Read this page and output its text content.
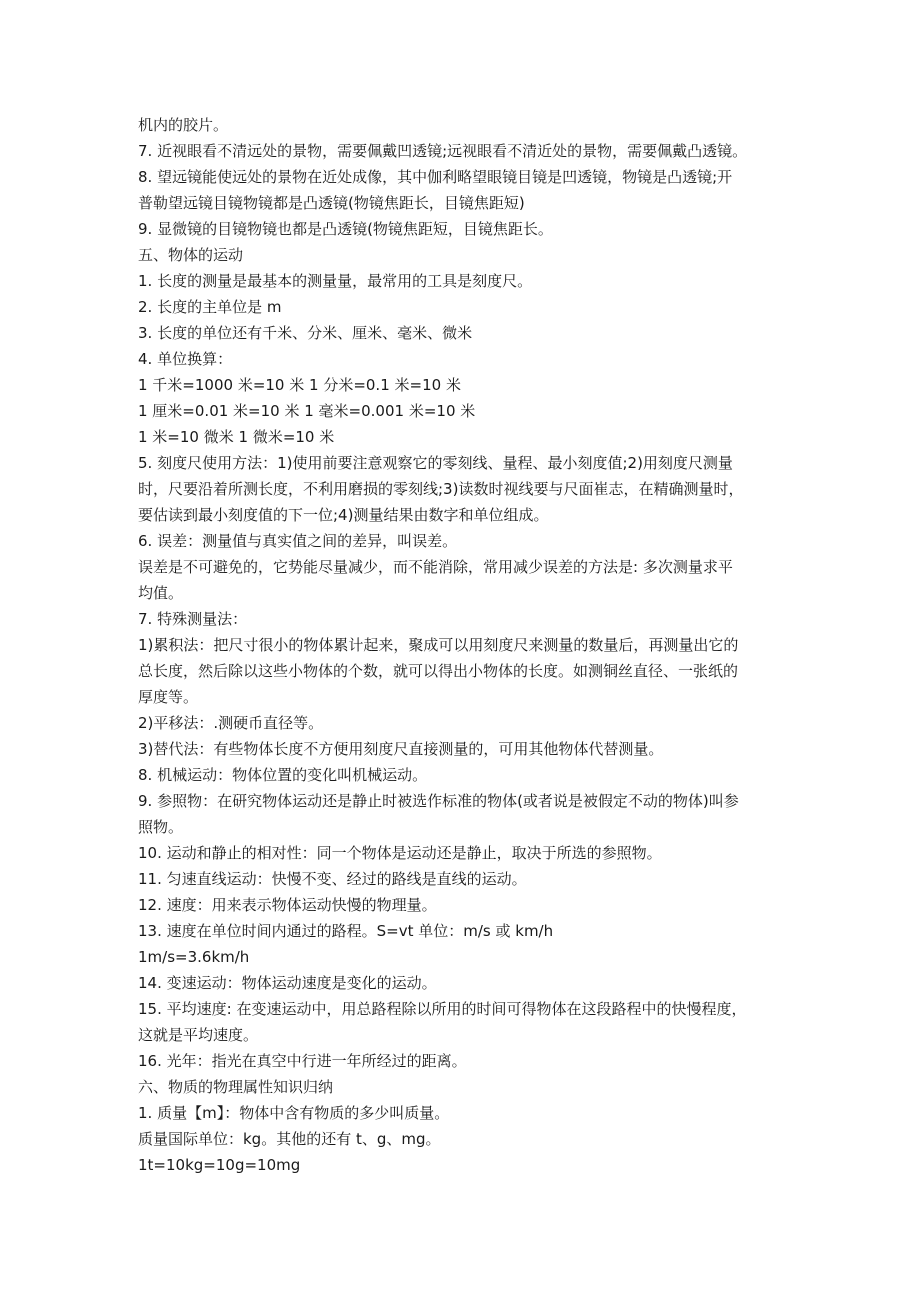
机内的胶片。
7. 近视眼看不清远处的景物，需要佩戴凹透镜;远视眼看不清近处的景物，需要佩戴凸透镜。
8. 望远镜能使远处的景物在近处成像，其中伽利略望眼镜目镜是凹透镜，物镜是凸透镜;开
普勒望远镜目镜物镜都是凸透镜(物镜焦距长，目镜焦距短)
9. 显微镜的目镜物镜也都是凸透镜(物镜焦距短，目镜焦距长。
五、物体的运动
1. 长度的测量是最基本的测量量，最常用的工具是刻度尺。
2. 长度的主单位是 m
3. 长度的单位还有千米、分米、厘米、毫米、微米
4. 单位换算：
1 千米=1000 米=10 米 1 分米=0.1 米=10 米
1 厘米=0.01 米=10 米 1 毫米=0.001 米=10 米
1 米=10 微米 1 微米=10 米
5. 刻度尺使用方法：1)使用前要注意观察它的零刻线、量程、最小刻度值;2)用刻度尺测量
时，尺要沿着所测长度，不利用磨损的零刻线;3)读数时视线要与尺面崔志，在精确测量时，
要估读到最小刻度值的下一位;4)测量结果由数字和单位组成。
6. 误差：测量值与真实值之间的差异，叫误差。
误差是不可避免的，它势能尽量减少，而不能消除，常用减少误差的方法是: 多次测量求平
均值。
7. 特殊测量法：
1)累积法：把尺寸很小的物体累计起来，聚成可以用刻度尺来测量的数量后，再测量出它的
总长度，然后除以这些小物体的个数，就可以得出小物体的长度。如测铜丝直径、一张纸的
厚度等。
2)平移法：.测硬币直径等。
3)替代法：有些物体长度不方便用刻度尺直接测量的，可用其他物体代替测量。
8. 机械运动：物体位置的变化叫机械运动。
9. 参照物：在研究物体运动还是静止时被选作标准的物体(或者说是被假定不动的物体)叫参
照物。
10. 运动和静止的相对性：同一个物体是运动还是静止，取决于所选的参照物。
11. 匀速直线运动：快慢不变、经过的路线是直线的运动。
12. 速度：用来表示物体运动快慢的物理量。
13. 速度在单位时间内通过的路程。S=vt 单位：m/s 或 km/h
1m/s=3.6km/h
14. 变速运动：物体运动速度是变化的运动。
15. 平均速度: 在变速运动中，用总路程除以所用的时间可得物体在这段路程中的快慢程度，
这就是平均速度。
16. 光年：指光在真空中行进一年所经过的距离。
六、物质的物理属性知识归纳
1. 质量【m】：物体中含有物质的多少叫质量。
质量国际单位：kg。其他的还有 t、g、mg。
1t=10kg=10g=10mg
